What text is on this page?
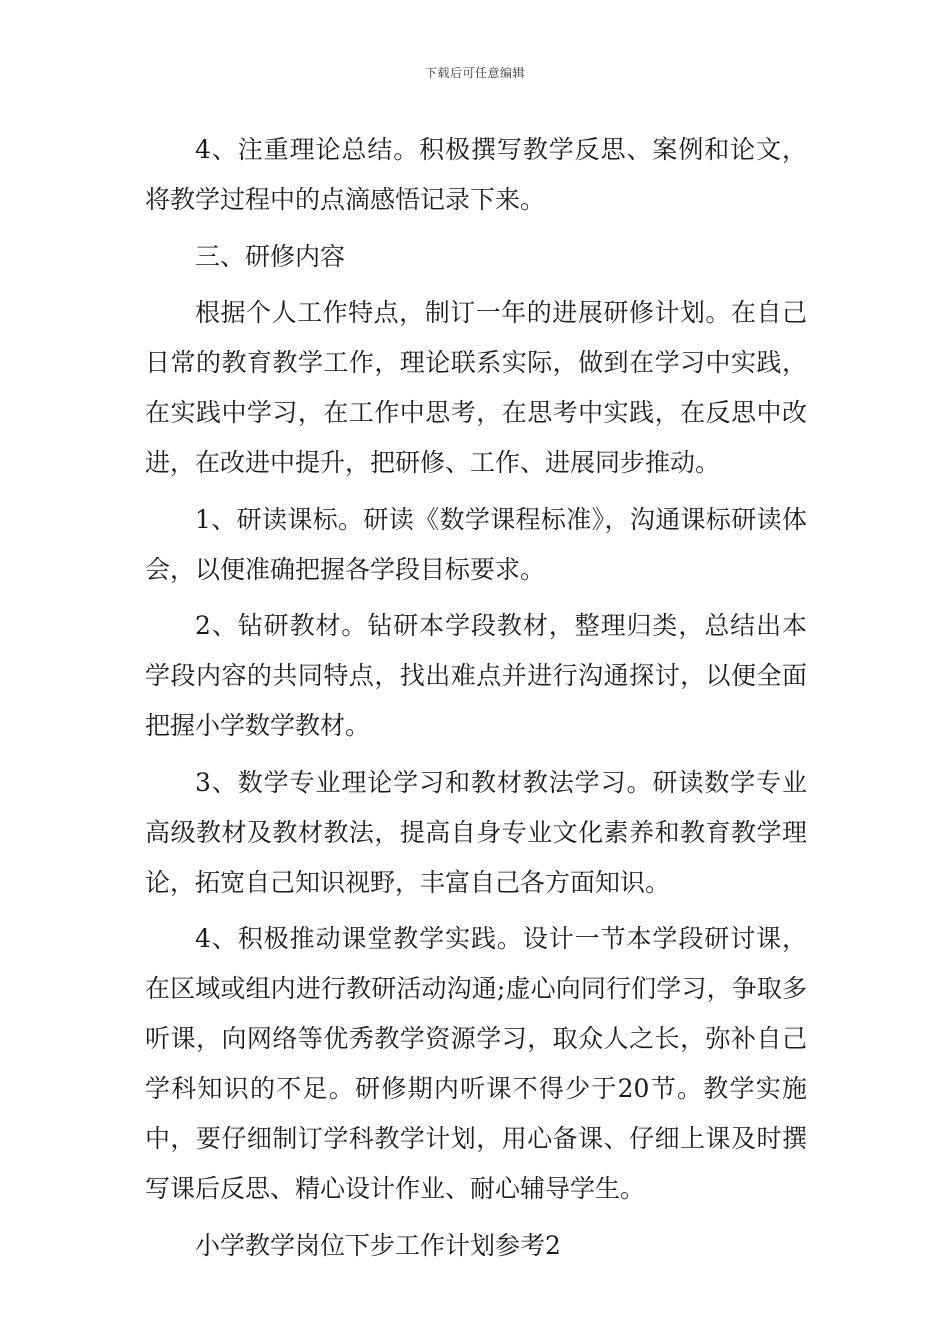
下载后可任意编辑

4、注重理论总结。积极撰写教学反思、案例和论文，将教学过程中的点滴感悟记录下来。

三、研修内容

根据个人工作特点，制订一年的进展研修计划。在自己日常的教育教学工作，理论联系实际，做到在学习中实践，在实践中学习，在工作中思考，在思考中实践，在反思中改进，在改进中提升，把研修、工作、进展同步推动。

1、研读课标。研读《数学课程标准》，沟通课标研读体会，以便准确把握各学段目标要求。

2、钻研教材。钻研本学段教材，整理归类，总结出本学段内容的共同特点，找出难点并进行沟通探讨，以便全面把握小学数学教材。

3、数学专业理论学习和教材教法学习。研读数学专业高级教材及教材教法，提高自身专业文化素养和教育教学理论，拓宽自己知识视野，丰富自己各方面知识。

4、积极推动课堂教学实践。设计一节本学段研讨课，在区域或组内进行教研活动沟通;虚心向同行们学习，争取多听课，向网络等优秀教学资源学习，取众人之长，弥补自己学科知识的不足。研修期内听课不得少于20节。教学实施中，要仔细制订学科教学计划，用心备课、仔细上课及时撰写课后反思、精心设计作业、耐心辅导学生。

小学教学岗位下步工作计划参考2
